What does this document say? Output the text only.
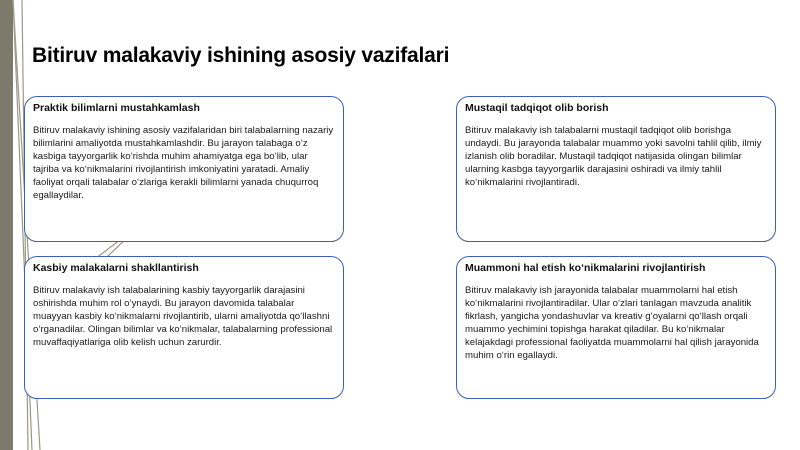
Bitiruv malakaviy ishining asosiy vazifalari

Praktik bilimlarni mustahkamlash

Bitiruv malakaviy ishining asosiy vazifalaridan biri talabalarning nazariy bilimlarini amaliyotda mustahkamlashdir. Bu jarayon talabaga o‘z kasbiga tayyorgarlik ko‘rishda muhim ahamiyatga ega bo‘lib, ular tajriba va ko‘nikmalarini rivojlantirish imkoniyatini yaratadi. Amaliy faoliyat orqali talabalar o‘zlariga kerakli bilimlarni yanada chuqurroq egallaydilar.

Mustaqil tadqiqot olib borish

Bitiruv malakaviy ish talabalarni mustaqil tadqiqot olib borishga undaydi. Bu jarayonda talabalar muammo yoki savolni tahlil qilib, ilmiy izlanish olib boradilar. Mustaqil tadqiqot natijasida olingan bilimlar ularning kasbga tayyorgarlik darajasini oshiradi va ilmiy tahlil ko‘nikmalarini rivojlantiradi.

Kasbiy malakalarni shakllantirish

Bitiruv malakaviy ish talabalarining kasbiy tayyorgarlik darajasini oshirishda muhim rol o‘ynaydi. Bu jarayon davomida talabalar muayyan kasbiy ko‘nikmalarni rivojlantirib, ularni amaliyotda qo‘llashni o‘rganadilar. Olingan bilimlar va ko‘nikmalar, talabalarning professional muvaffaqiyatlariga olib kelish uchun zarurdir.

Muammoni hal etish ko‘nikmalarini rivojlantirish

Bitiruv malakaviy ish jarayonida talabalar muammolarni hal etish ko‘nikmalarini rivojlantiradilar. Ular o‘zlari tanlagan mavzuda analitik fikrlash, yangicha yondashuvlar va kreativ g‘oyalarni qo‘llash orqali muammo yechimini topishga harakat qiladilar. Bu ko‘nikmalar kelajakdagi professional faoliyatda muammolarni hal qilish jarayonida muhim o‘rin egallaydi.
